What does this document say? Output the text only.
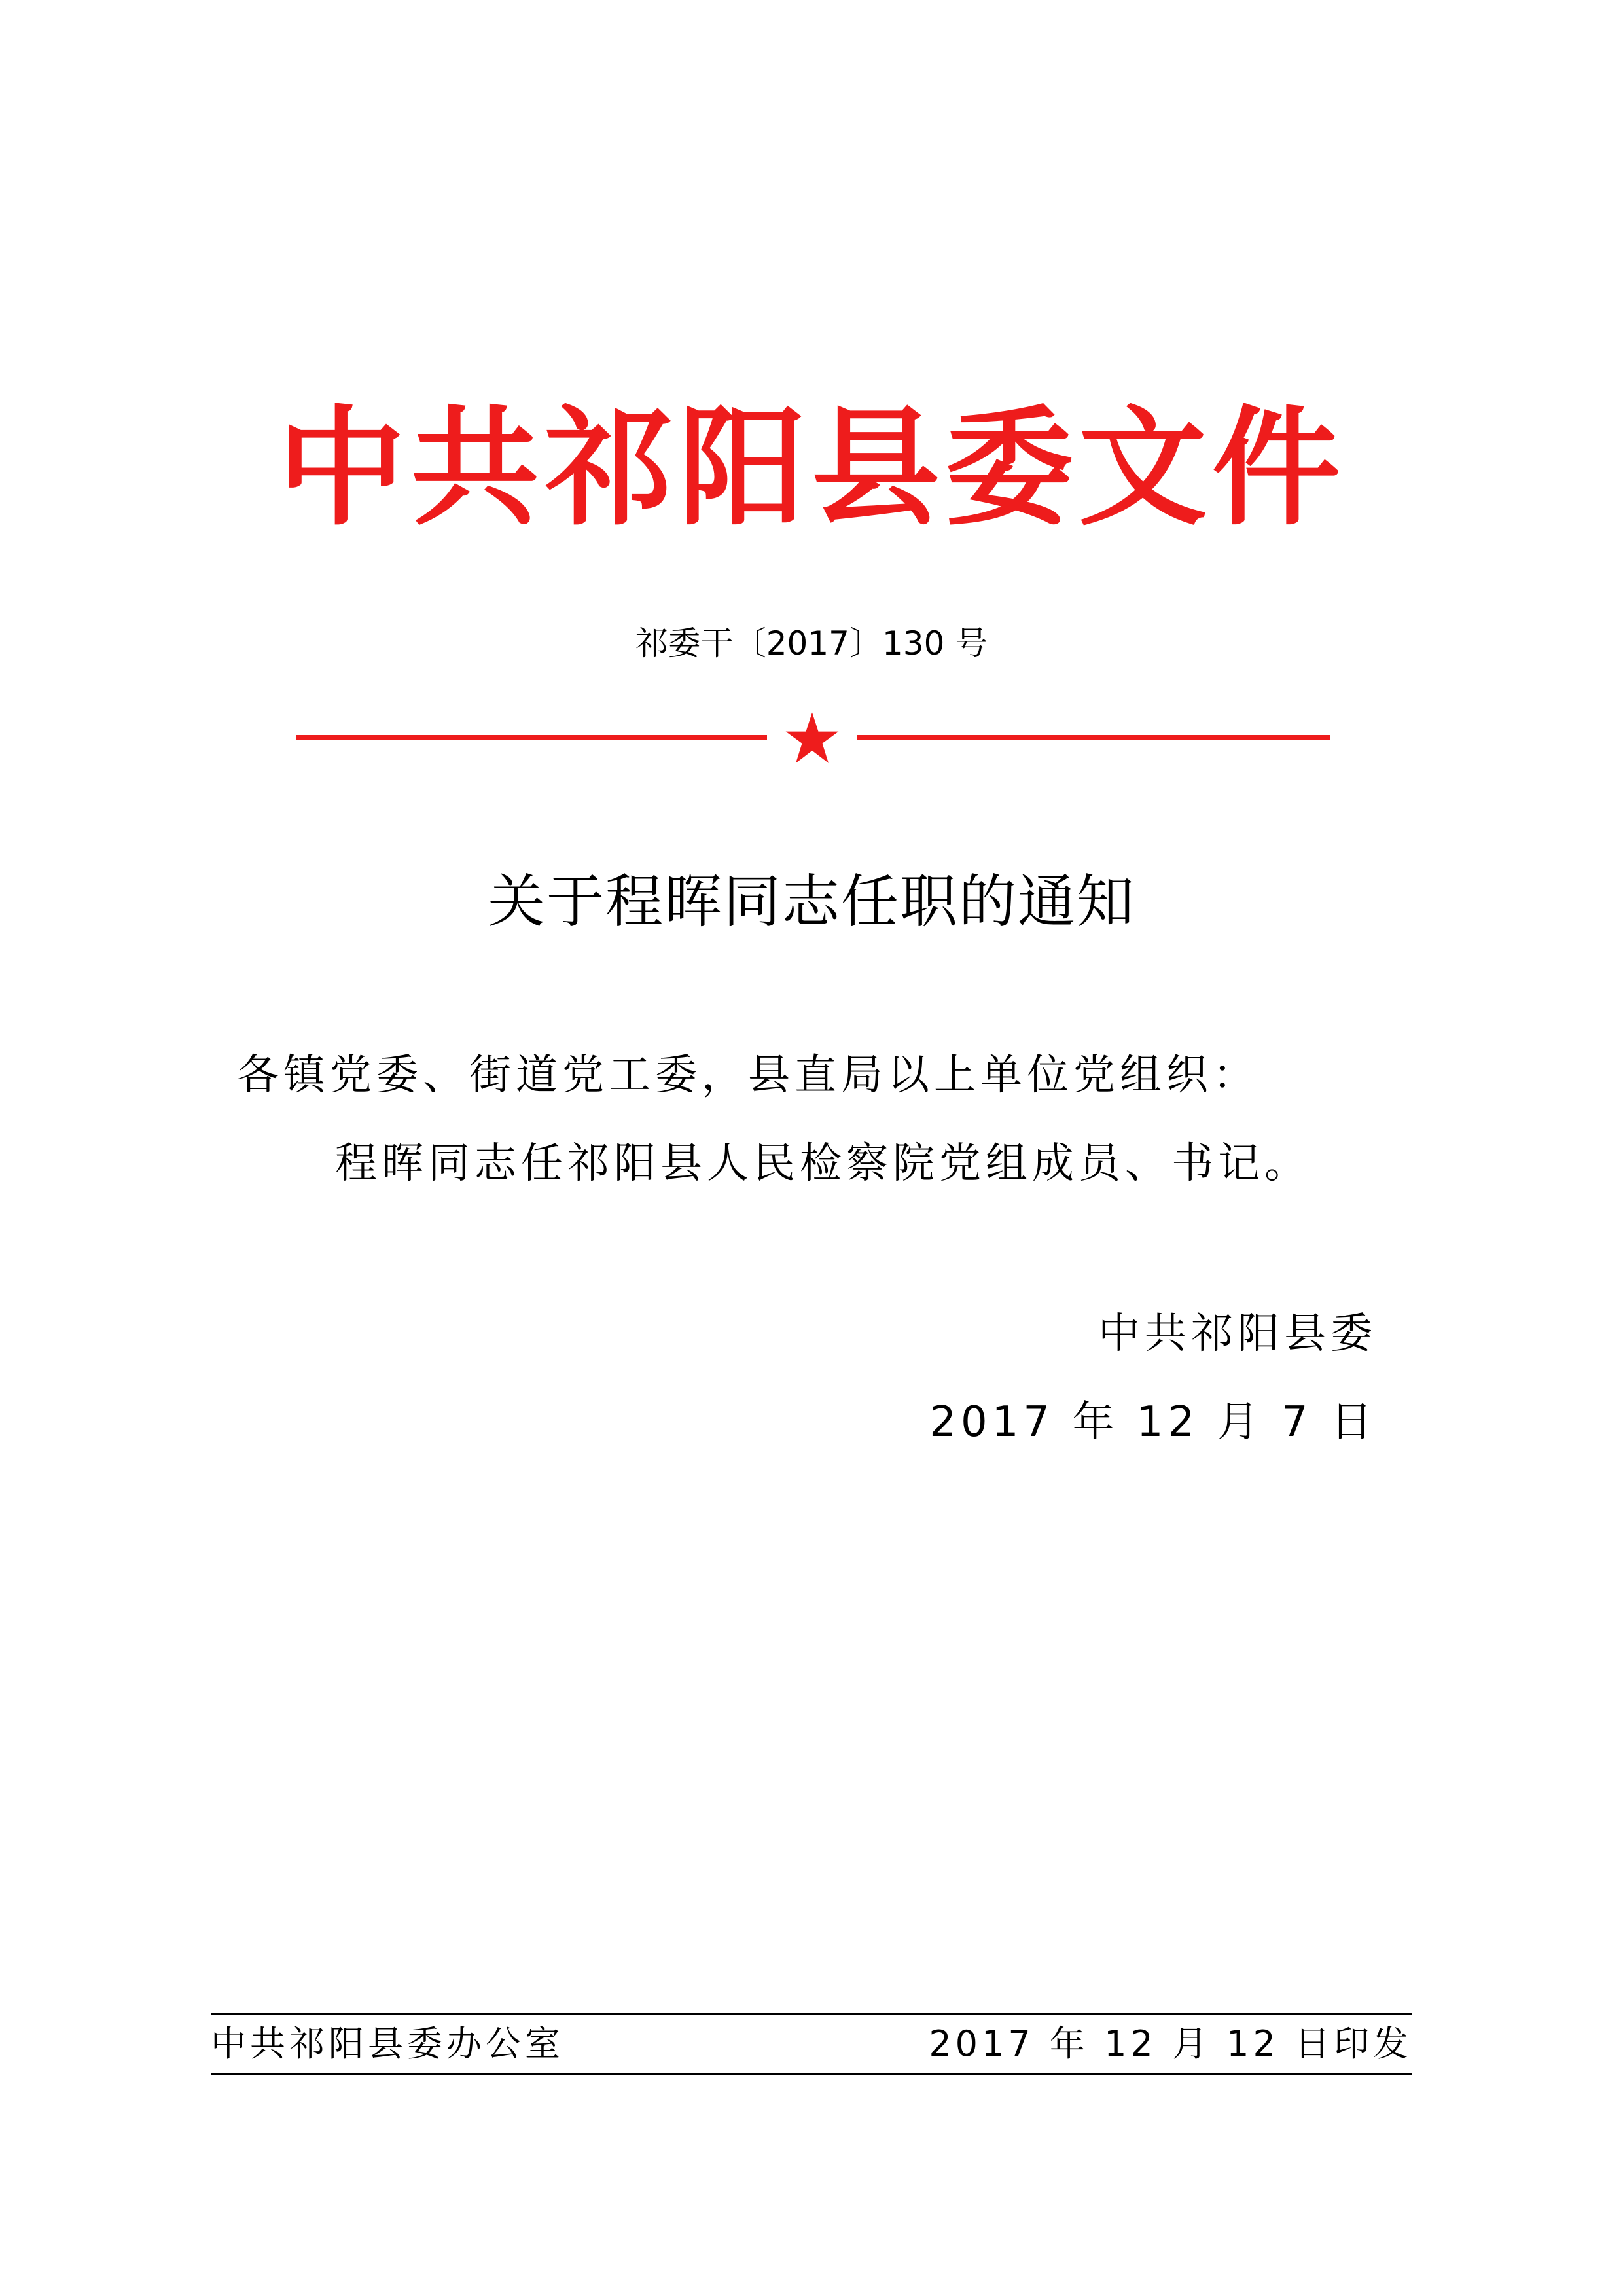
中共祁阳县委文件
祁委干〔2017〕130 号
关于程晖同志任职的通知
各镇党委、街道党工委，县直局以上单位党组织：
程晖同志任祁阳县人民检察院党组成员、书记。
中共祁阳县委
2017 年 12 月 7 日
中共祁阳县委办公室	2017 年 12 月 12 日印发
